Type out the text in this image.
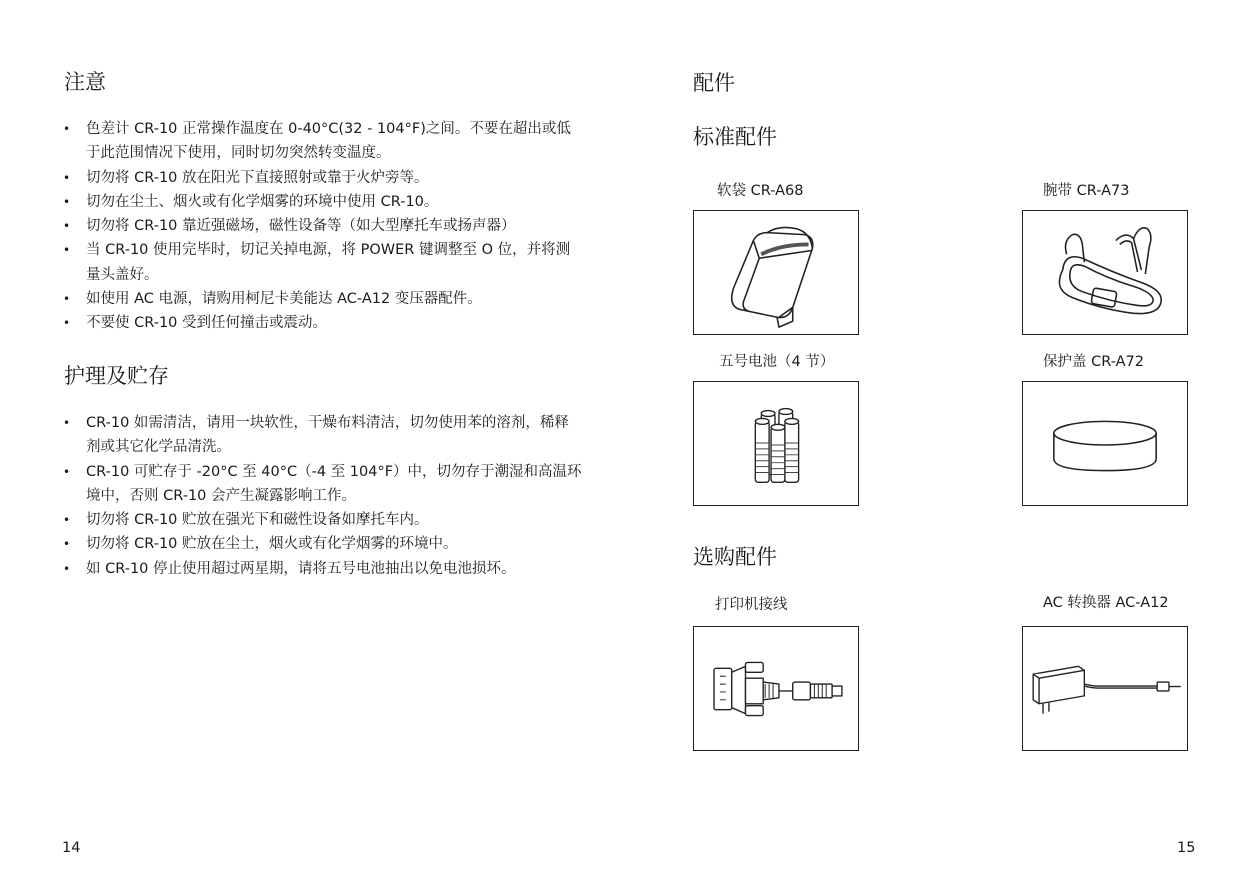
注意
• 色差计 CR-10 正常操作温度在 0-40°C(32 - 104°F)之间。不要在超出或低于此范围情况下使用，同时切勿突然转变温度。
• 切勿将 CR-10 放在阳光下直接照射或靠于火炉旁等。
• 切勿在尘土、烟火或有化学烟雾的环境中使用 CR-10。
• 切勿将 CR-10 靠近强磁场，磁性设备等（如大型摩托车或扬声器）
• 当 CR-10 使用完毕时，切记关掉电源，将 POWER 键调整至 O 位，并将测量头盖好。
• 如使用 AC 电源，请购用柯尼卡美能达 AC-A12 变压器配件。
• 不要使 CR-10 受到任何撞击或震动。
护理及贮存
• CR-10 如需清洁，请用一块软性，干燥布料清洁，切勿使用苯的溶剂，稀释剂或其它化学品清洗。
• CR-10 可贮存于 -20°C 至 40°C（-4 至 104°F）中，切勿存于潮湿和高温环境中，否则 CR-10 会产生凝露影响工作。
• 切勿将 CR-10 贮放在强光下和磁性设备如摩托车内。
• 切勿将 CR-10 贮放在尘土，烟火或有化学烟雾的环境中。
• 如 CR-10 停止使用超过两星期，请将五号电池抽出以免电池损坏。
14
配件
标准配件
软袋 CR-A68	腕带 CR-A73
五号电池（4 节）	保护盖 CR-A72
选购配件
打印机接线	AC 转换器 AC-A12
15
